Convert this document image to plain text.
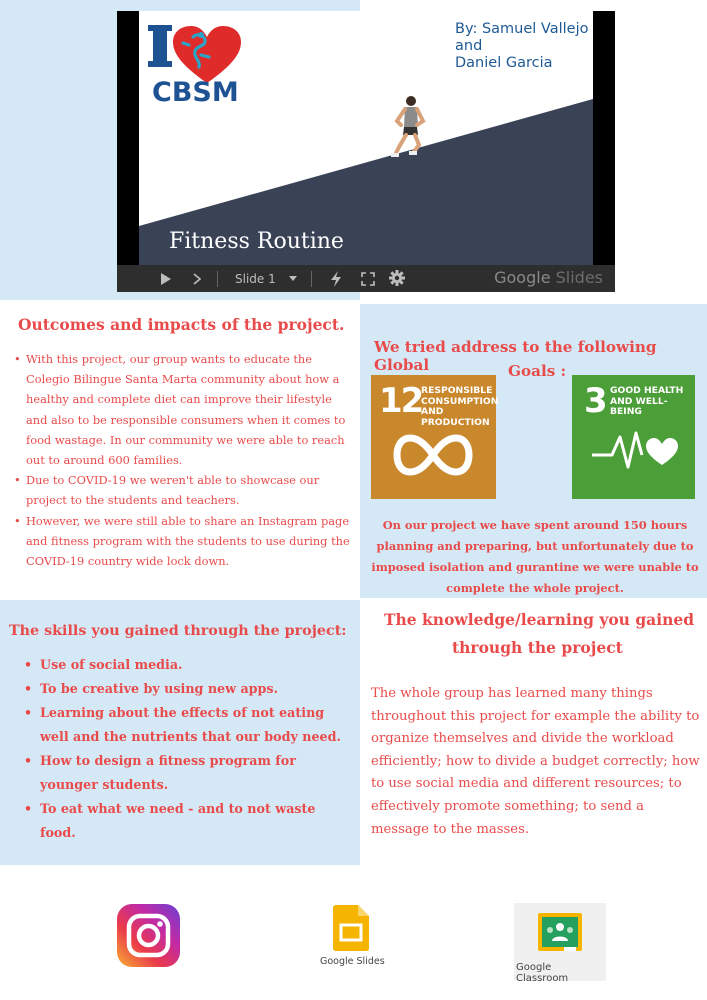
CBSM
By: Samuel Vallejo
and
Daniel Garcia
Fitness Routine
Slide 1	Google Slides
Outcomes and impacts of the project.
• With this project, our group wants to educate the Colegio Bilingue Santa Marta community about how a healthy and complete diet can improve their lifestyle and also to be responsible consumers when it comes to food wastage. In our community we were able to reach out to around 600 families.
• Due to COVID-19 we weren't able to showcase our project to the students and teachers.
• However, we were still able to share an Instagram page and fitness program with the students to use during the COVID-19 country wide lock down.
We tried address to the following Global	Goals :
12
RESPONSIBLE
CONSUMPTION
AND PRODUCTION
3 GOOD HEALTH
AND WELL-BEING
On our project we have spent around 150 hours planning and preparing, but unfortunately due to imposed isolation and gurantine we were unable to complete the whole project.
The skills you gained through the project:
• Use of social media.
• To be creative by using new apps.
• Learning about the effects of not eating well and the nutrients that our body need.
• How to design a fitness program for younger students.
• To eat what we need - and to not waste food.
The knowledge/learning you gained
through the project
The whole group has learned many things throughout this project for example the ability to organize themselves and divide the workload efficiently; how to divide a budget correctly; how to use social media and different resources; to effectively promote something; to send a message to the masses.
Google Slides
Google Classroom
